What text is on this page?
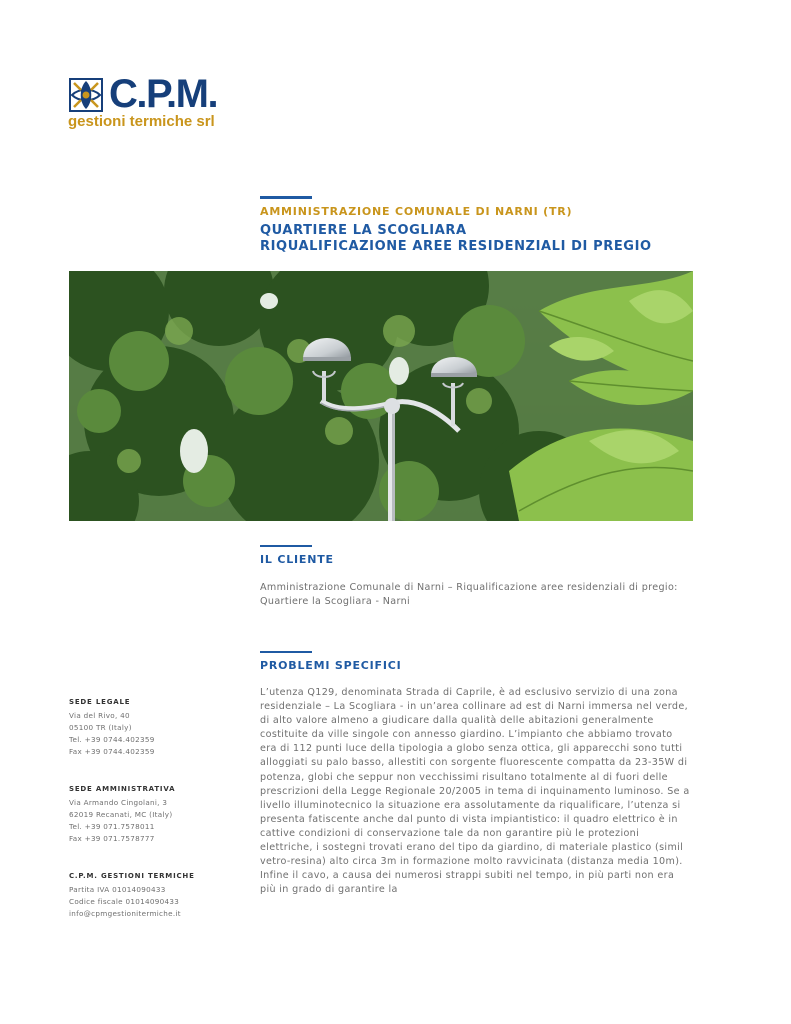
C.P.M.
gestioni termiche srl
AMMINISTRAZIONE COMUNALE DI NARNI (TR)
QUARTIERE LA SCOGLIARA
RIQUALIFICAZIONE AREE RESIDENZIALI DI PREGIO
IL CLIENTE

Amministrazione Comunale di Narni – Riqualificazione aree residenziali di pregio: Quartiere la Scogliara - Narni

PROBLEMI SPECIFICI

L’utenza Q129, denominata Strada di Caprile, è ad esclusivo servizio di una zona residenziale – La Scogliara - in un’area collinare ad est di Narni immersa nel verde, di alto valore almeno a giudicare dalla qualità delle abitazioni generalmente costituite da ville singole con annesso giardino. L’impianto che abbiamo trovato era di 112 punti luce della tipologia a globo senza ottica, gli apparecchi sono tutti alloggiati su palo basso, allestiti con sorgente fluorescente compatta da 23-35W di potenza, globi che seppur non vecchissimi risultano totalmente al di fuori delle prescrizioni della Legge Regionale 20/2005 in tema di inquinamento luminoso. Se a livello illuminotecnico la situazione era assolutamente da riqualificare, l’utenza si presenta fatiscente anche dal punto di vista impiantistico: il quadro elettrico è in cattive condizioni di conservazione tale da non garantire più le protezioni elettriche, i sostegni trovati erano del tipo da giardino, di materiale plastico (simil vetro-resina) alto circa 3m in formazione molto ravvicinata (distanza media 10m). Infine il cavo, a causa dei numerosi strappi subiti nel tempo, in più parti non era più in grado di garantire la

SEDE LEGALE
Via del Rivo, 40
05100 TR (Italy)
Tel. +39 0744.402359
Fax +39 0744.402359
SEDE AMMINISTRATIVA
Via Armando Cingolani, 3
62019 Recanati, MC (Italy)
Tel. +39 071.7578011
Fax +39 071.7578777
C.P.M. GESTIONI TERMICHE
Partita IVA 01014090433
Codice fiscale 01014090433
info@cpmgestionitermiche.it
